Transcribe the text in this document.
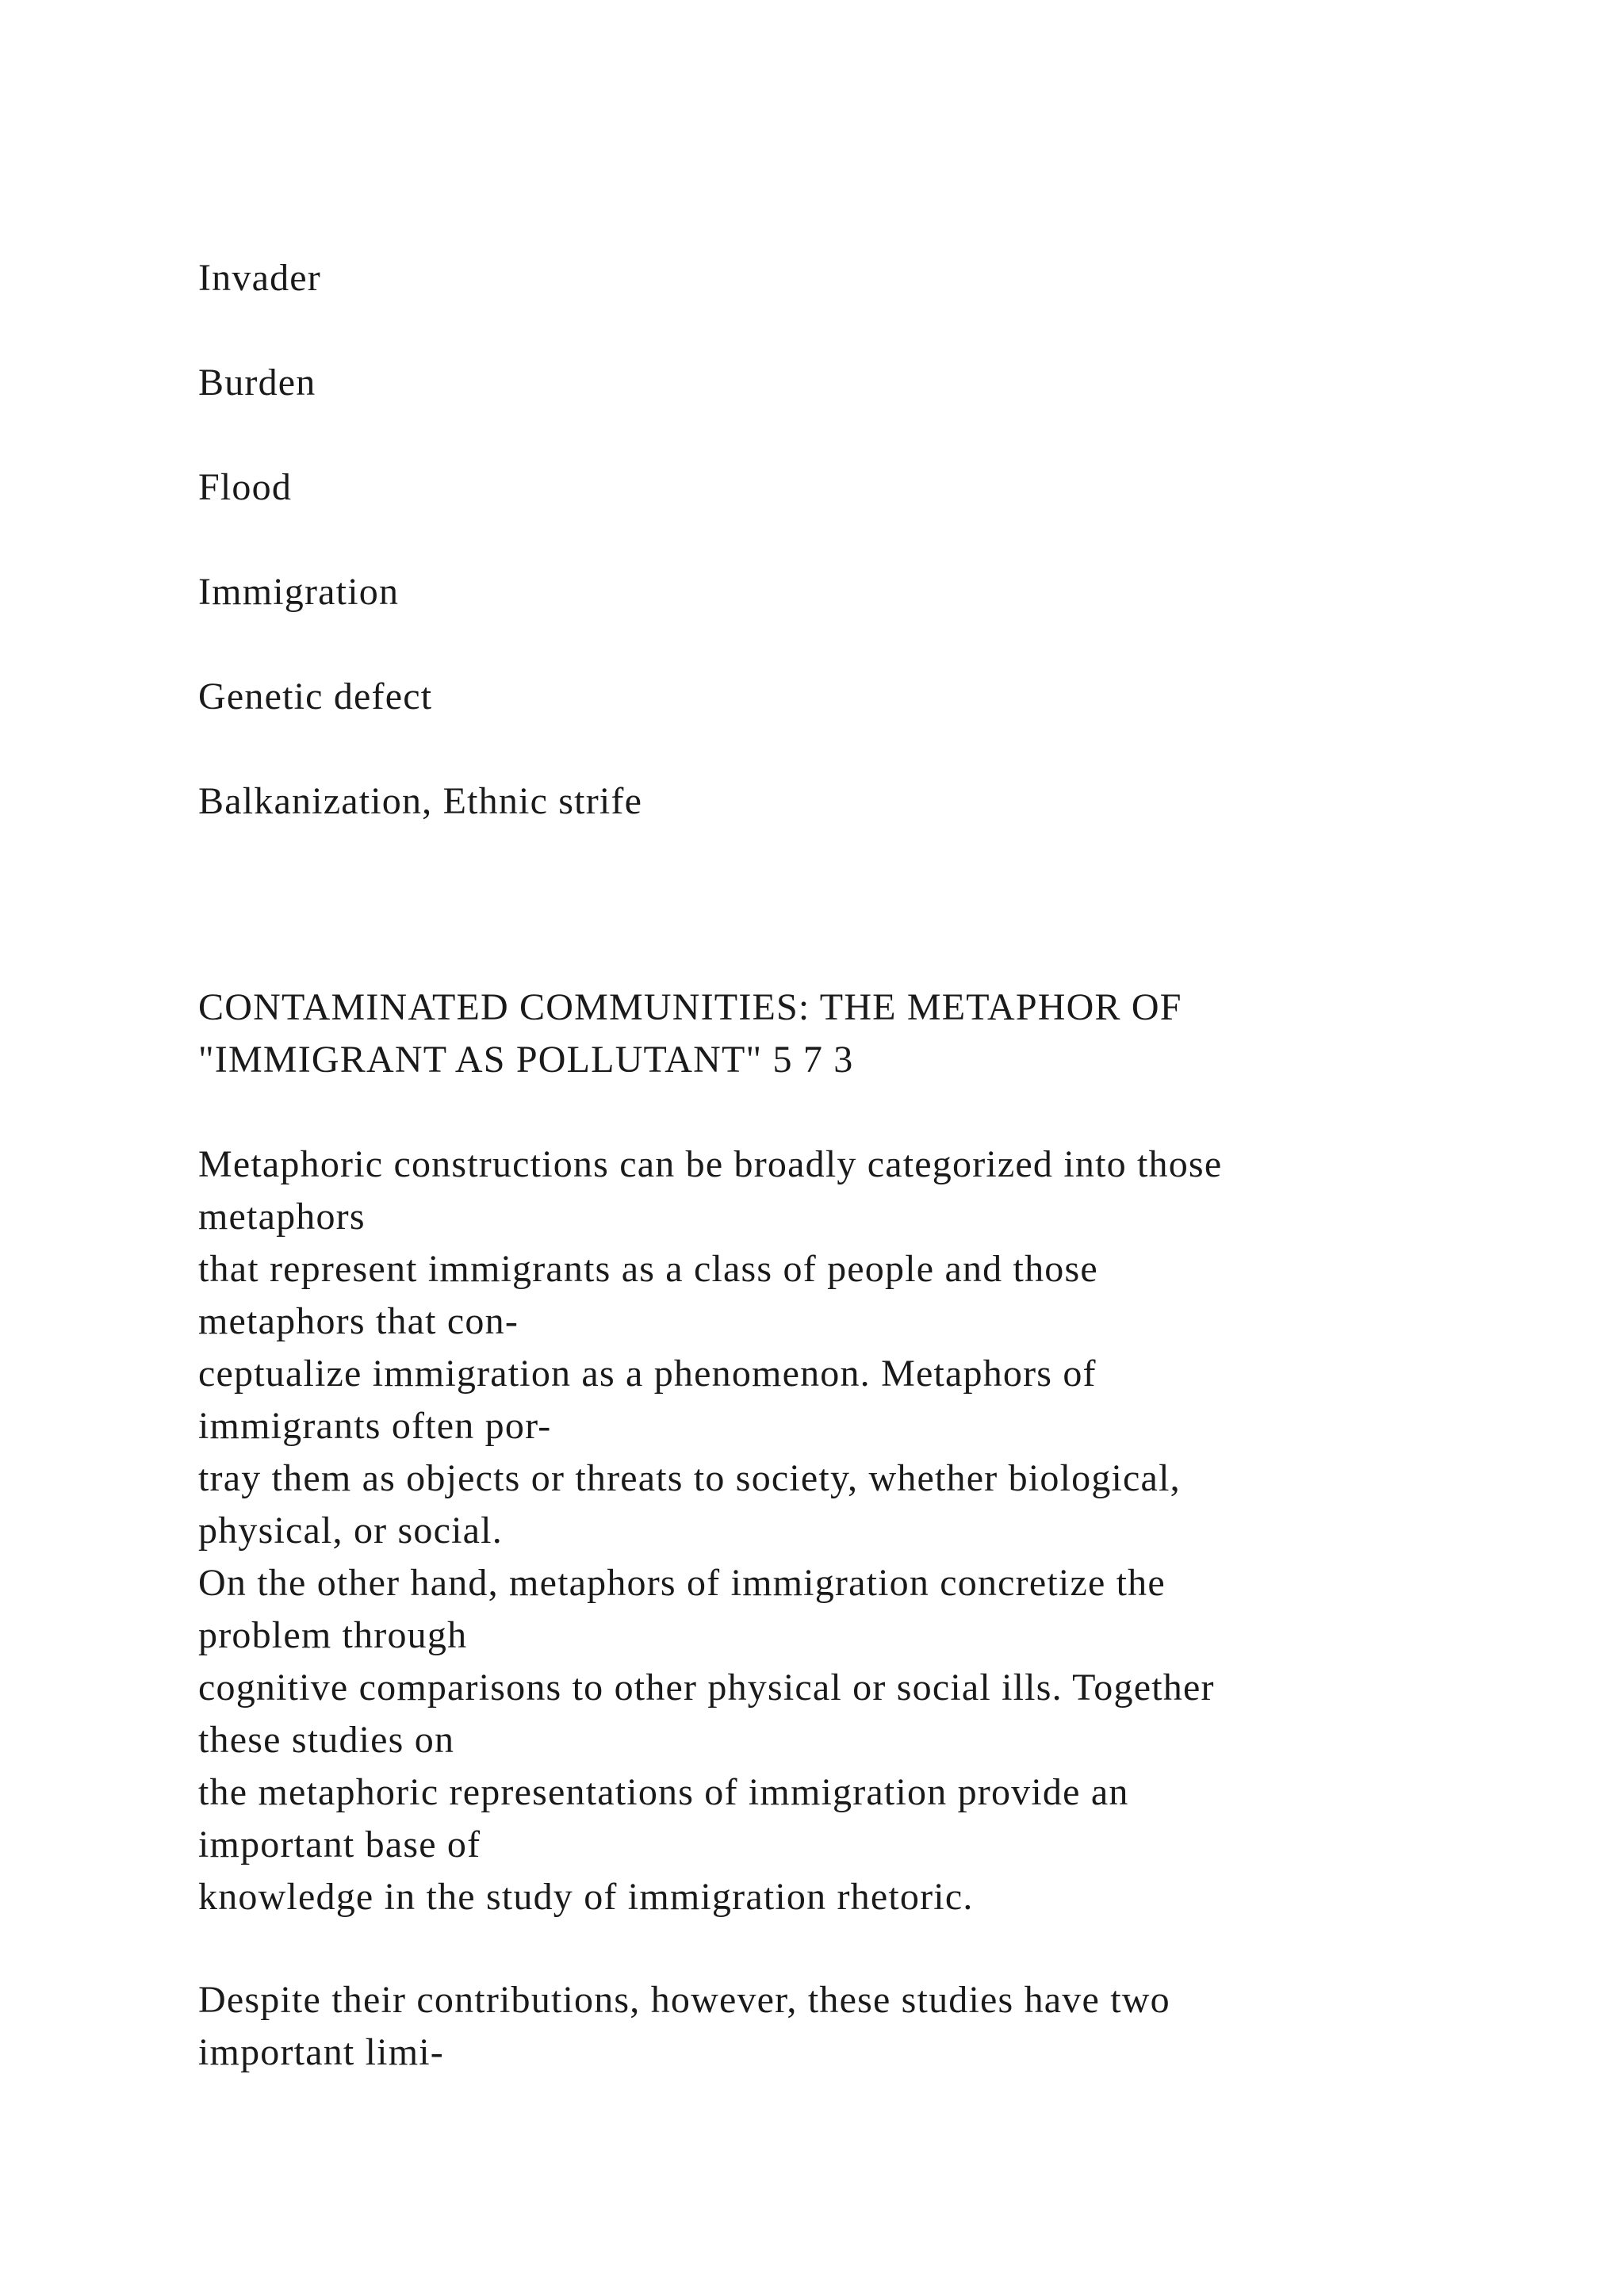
Invader
Burden
Flood
Immigration
Genetic defect
Balkanization, Ethnic strife
CONTAMINATED COMMUNITIES: THE METAPHOR OF
"IMMIGRANT AS POLLUTANT" 5 7 3
Metaphoric constructions can be broadly categorized into those
metaphors
that represent immigrants as a class of people and those
metaphors that con-
ceptualize immigration as a phenomenon. Metaphors of
immigrants often por-
tray them as objects or threats to society, whether biological,
physical, or social.
On the other hand, metaphors of immigration concretize the
problem through
cognitive comparisons to other physical or social ills. Together
these studies on
the metaphoric representations of immigration provide an
important base of
knowledge in the study of immigration rhetoric.
Despite their contributions, however, these studies have two
important limi-
